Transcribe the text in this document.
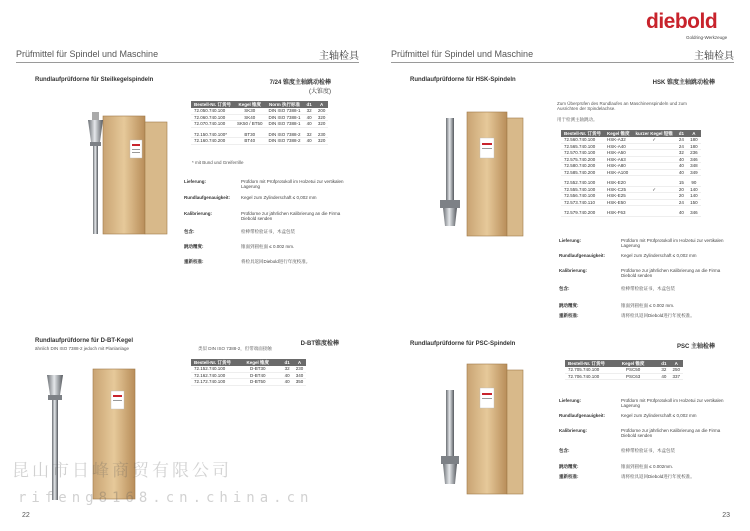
diebold
Goldring-Werkzeuge
Prüfmittel für Spindel und Maschine	主轴检具
Rundlaufprüfdorne für Steilkegelspindeln	7/24 锥度主轴跳动检棒
(大锥度)
Bestell-Nr. 订货号	Kegel 锥度	Norm 执行标准	d1	A
72.050.740.100	SK30	DIN ISO 7388-1	32	200
72.060.740.100	SK40	DIN ISO 7388-1	40	320
72.070.740.100	SK50 / BT50	DIN ISO 7388-1	40	320

72.150.740.100*	BT30	DIN ISO 7388-2	32	230
72.160.740.200	BT40	DIN ISO 7388-2	40	320
* mit Bund und Greiferrille
Lieferung:	Prüfdorn mit Prüfprotokoll im Holzetui zur vertikalen Lagerung
Rundlaufgenauigkeit: Kegel zum Zylinderschaft ≤ 0,002 mm
Kalibrierung:	Prüfdorne zur jährlichen Kalibrierung an die Firma Diebold senden
包含:	检棒带检验证书，木盒包装
跳动精度:	锥面到圆柱面 ≤ 0.002 mm.
重新校准:	将检具返回Diebold进行年度校准。
Rundlaufprüfdorne für D-BT-Kegel
ähnlich DIN ISO 7388-2 jedoch mit Planlanlage
D-BT锥度检棒
类似 DIN ISO 7388-2，但带端面接触
Bestell-Nr. 订货号	Kegel 锥度	d1	A
72.152.740.100	D-BT30	32	230
72.162.740.100	D-BT40	40	340
72.172.740.100	D-BT50	40	350
22
Prüfmittel für Spindel und Maschine	主轴检具
Rundlaufprüfdorne für HSK-Spindeln	HSK 锥度主轴跳动检棒
Zum Überprüfen des Rundlaufes an Maschinenspindeln und zum Ausrichten der Spindelachse.
用于检测主轴跳动。
Bestell-Nr. 订货号	Kegel 锥度	kurzer Kegel 短锥	d1	A
72.560.740.100	HSK-A32	✓	24	180
72.565.740.100	HSK-A40		24	180
72.570.740.100	HSK-A50		32	236
72.575.740.200	HSK-A63		40	346
72.580.740.200	HSK-A80		40	348
72.585.740.200	HSK-A100		40	349

72.552.740.100	HSK-E20		15	90
72.555.740.100	HSK-C25	✓	20	140
72.556.740.100	HSK-E25		20	140
72.573.740.110	HSK-E50		24	150

72.579.740.200	HSK-F63		40	346
Lieferung:	Prüfdorn mit Prüfprotokoll im Holzetui zur vertikalen Lagerung
Rundlaufgenauigkeit:	Kegel zum Zylinderschaft ≤ 0,002 mm
Kalibrierung:	Prüfdorne zur jährlichen Kalibrierung an die Firma Diebold senden
包含:	检棒带检验证书，木盒包装
跳动精度:	锥面到圆柱面 ≤ 0.002 mm.
重新校准:	请将检具返回Diebold进行年度校准。
Rundlaufprüfdorne für PSC-Spindeln	PSC 主轴检棒
Bestell-Nr. 订货号	Kegel 锥度	d1	A
72.705.740.100	PSC50	32	250
72.706.740.100	PSC63	40	337
Lieferung:	Prüfdorn mit Prüfprotokoll im Holzetui zur vertikalen Lagerung
Rundlaufgenauigkeit:	Kegel zum Zylinderschaft ≤ 0,002 mm
Kalibrierung:	Prüfdorne zur jährlichen Kalibrierung an die Firma Diebold senden
包含:	检棒带检验证书，木盒包装
跳动精度:	锥面到圆柱面 ≤ 0.002mm.
重新校准:	请将检具返回Diebold进行年度校准。
23
昆山市日峰商贸有限公司
rifeng8168.cn.china.cn
